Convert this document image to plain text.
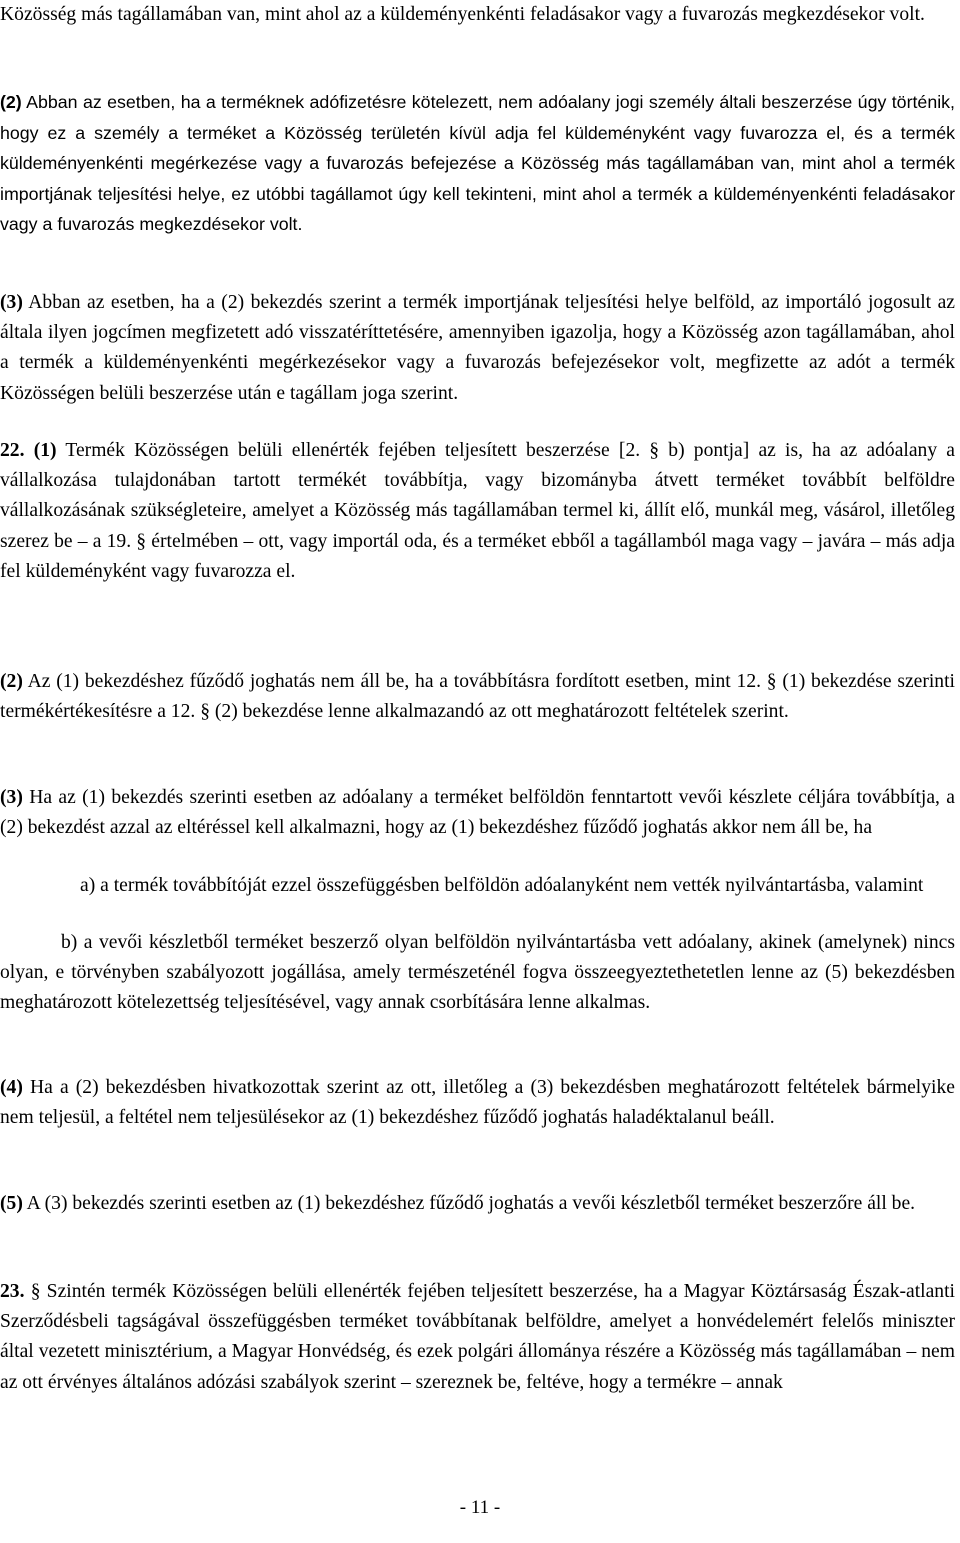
Közösség más tagállamában van, mint ahol az a küldeményenkénti feladásakor vagy a fuvarozás megkezdésekor volt.

(2) Abban az esetben, ha a terméknek adófizetésre kötelezett, nem adóalany jogi személy általi beszerzése úgy történik, hogy ez a személy a terméket a Közösség területén kívül adja fel küldeményként vagy fuvarozza el, és a termék küldeményenkénti megérkezése vagy a fuvarozás befejezése a Közösség más tagállamában van, mint ahol a termék importjának teljesítési helye, ez utóbbi tagállamot úgy kell tekinteni, mint ahol a termék a küldeményenkénti feladásakor vagy a fuvarozás megkezdésekor volt.

(3) Abban az esetben, ha a (2) bekezdés szerint a termék importjának teljesítési helye belföld, az importáló jogosult az általa ilyen jogcímen megfizetett adó visszatéríttetésére, amennyiben igazolja, hogy a Közösség azon tagállamában, ahol a termék a küldeményenkénti megérkezésekor vagy a fuvarozás befejezésekor volt, megfizette az adót a termék Közösségen belüli beszerzése után e tagállam joga szerint.

22. (1) Termék Közösségen belüli ellenérték fejében teljesített beszerzése [2. § b) pontja] az is, ha az adóalany a vállalkozása tulajdonában tartott termékét továbbítja, vagy bizományba átvett terméket továbbít belföldre vállalkozásának szükségleteire, amelyet a Közösség más tagállamában termel ki, állít elő, munkál meg, vásárol, illetőleg szerez be – a 19. § értelmében – ott, vagy importál oda, és a terméket ebből a tagállamból maga vagy – javára – más adja fel küldeményként vagy fuvarozza el.

(2) Az (1) bekezdéshez fűződő joghatás nem áll be, ha a továbbításra fordított esetben, mint 12. § (1) bekezdése szerinti termékértékesítésre a 12. § (2) bekezdése lenne alkalmazandó az ott meghatározott feltételek szerint.

(3) Ha az (1) bekezdés szerinti esetben az adóalany a terméket belföldön fenntartott vevői készlete céljára továbbítja, a (2) bekezdést azzal az eltéréssel kell alkalmazni, hogy az (1) bekezdéshez fűződő joghatás akkor nem áll be, ha

a) a termék továbbítóját ezzel összefüggésben belföldön adóalanyként nem vették nyilvántartásba, valamint

b) a vevői készletből terméket beszerző olyan belföldön nyilvántartásba vett adóalany, akinek (amelynek) nincs olyan, e törvényben szabályozott jogállása, amely természeténél fogva összeegyeztethetetlen lenne az (5) bekezdésben meghatározott kötelezettség teljesítésével, vagy annak csorbítására lenne alkalmas.

(4) Ha a (2) bekezdésben hivatkozottak szerint az ott, illetőleg a (3) bekezdésben meghatározott feltételek bármelyike nem teljesül, a feltétel nem teljesülésekor az (1) bekezdéshez fűződő joghatás haladéktalanul beáll.

(5) A (3) bekezdés szerinti esetben az (1) bekezdéshez fűződő joghatás a vevői készletből terméket beszerzőre áll be.

23. § Szintén termék Közösségen belüli ellenérték fejében teljesített beszerzése, ha a Magyar Köztársaság Észak-atlanti Szerződésbeli tagságával összefüggésben terméket továbbítanak belföldre, amelyet a honvédelemért felelős miniszter által vezetett minisztérium, a Magyar Honvédség, és ezek polgári állománya részére a Közösség más tagállamában – nem az ott érvényes általános adózási szabályok szerint – szereznek be, feltéve, hogy a termékre – annak

- 11 -
